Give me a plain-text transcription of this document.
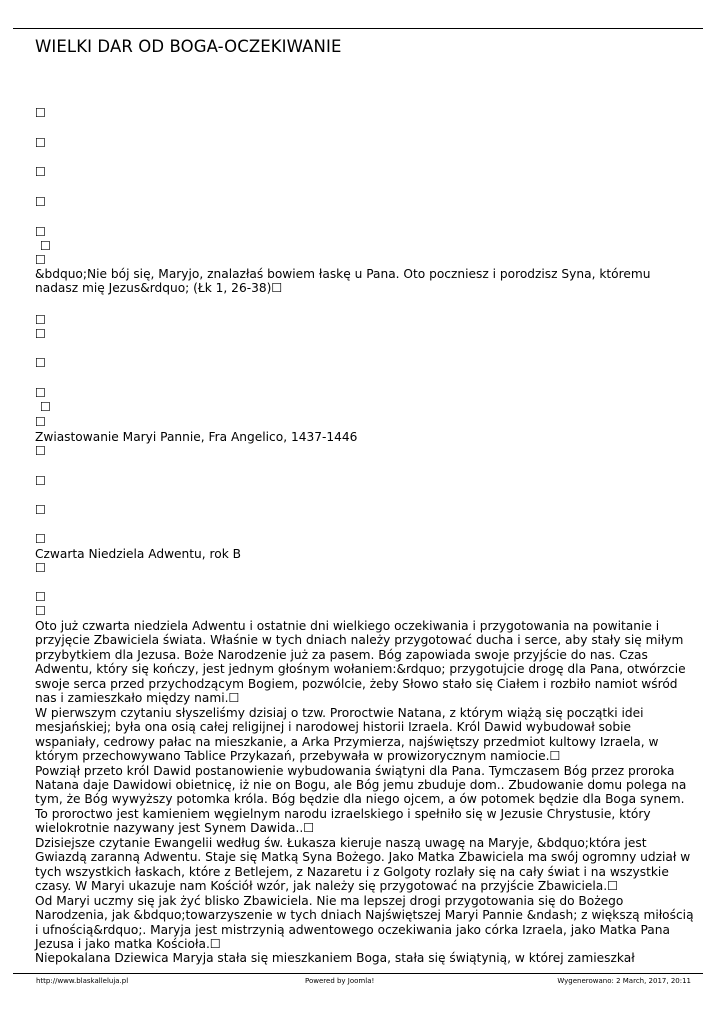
WIELKI DAR OD BOGA-OCZEKIWANIE
☐
☐
☐
☐
☐
☐
☐

&bdquo;Nie bój się, Maryjo, znalazłaś bowiem łaskę u Pana. Oto poczniesz i porodzisz Syna, któremu nadasz mię Jezus&rdquo; (Łk 1, 26-38)☐

☐
☐
☐
☐
☐
☐

Zwiastowanie Maryi Pannie, Fra Angelico, 1437-1446

☐
☐
☐
☐

Czwarta Niedziela Adwentu, rok B

☐
☐
☐

Oto już czwarta niedziela Adwentu i ostatnie dni wielkiego oczekiwania i przygotowania na powitanie i przyjęcie Zbawiciela świata. Właśnie w tych dniach należy przygotować ducha i serce, aby stały się miłym przybytkiem dla Jezusa. Boże Narodzenie już za pasem. Bóg zapowiada swoje przyjście do nas. Czas Adwentu, który się kończy, jest jednym głośnym wołaniem:&rdquo; przygotujcie drogę dla Pana, otwórzcie swoje serca przed przychodzącym Bogiem, pozwólcie, żeby Słowo stało się Ciałem i rozbiło namiot wśród nas i zamieszkało między nami.☐

W pierwszym czytaniu słyszeliśmy dzisiaj o tzw. Proroctwie Natana, z którym wiążą się początki idei mesjańskiej; była ona osią całej religijnej i narodowej historii Izraela. Król Dawid wybudował sobie wspaniały, cedrowy pałac na mieszkanie, a Arka Przymierza, najświętszy przedmiot kultowy Izraela, w którym przechowywano Tablice Przykazań, przebywała w prowizorycznym namiocie.☐

Powziął przeto król Dawid postanowienie wybudowania świątyni dla Pana. Tymczasem Bóg przez proroka Natana daje Dawidowi obietnicę, iż nie on Bogu, ale Bóg jemu zbuduje dom.. Zbudowanie domu polega na tym, że Bóg wywyższy potomka króla. Bóg będzie dla niego ojcem, a ów potomek będzie dla Boga synem. To proroctwo jest kamieniem węgielnym narodu izraelskiego i spełniło się w Jezusie Chrystusie, który wielokrotnie nazywany jest Synem Dawida..☐

Dzisiejsze czytanie Ewangelii według św. Łukasza kieruje naszą uwagę na Maryje, &bdquo;która jest Gwiazdą zaranną Adwentu. Staje się Matką Syna Bożego. Jako Matka Zbawiciela ma swój ogromny udział w tych wszystkich łaskach, które z Betlejem, z Nazaretu i z Golgoty rozlały się na cały świat i na wszystkie czasy. W Maryi ukazuje nam Kościół wzór, jak należy się przygotować na przyjście Zbawiciela.☐

Od Maryi uczmy się jak żyć blisko Zbawiciela. Nie ma lepszej drogi przygotowania się do Bożego Narodzenia, jak &bdquo;towarzyszenie w tych dniach Najświętszej Maryi Pannie &ndash; z większą miłością i ufnością&rdquo;. Maryja jest mistrzynią adwentowego oczekiwania jako córka Izraela, jako Matka Pana Jezusa i jako matka Kościoła.☐

Niepokalana Dziewica Maryja stała się mieszkaniem Boga, stała się świątynią, w której zamieszkał

http://www.blaskalleluja.pl	Powered by Joomla!	Wygenerowano: 2 March, 2017, 20:11
